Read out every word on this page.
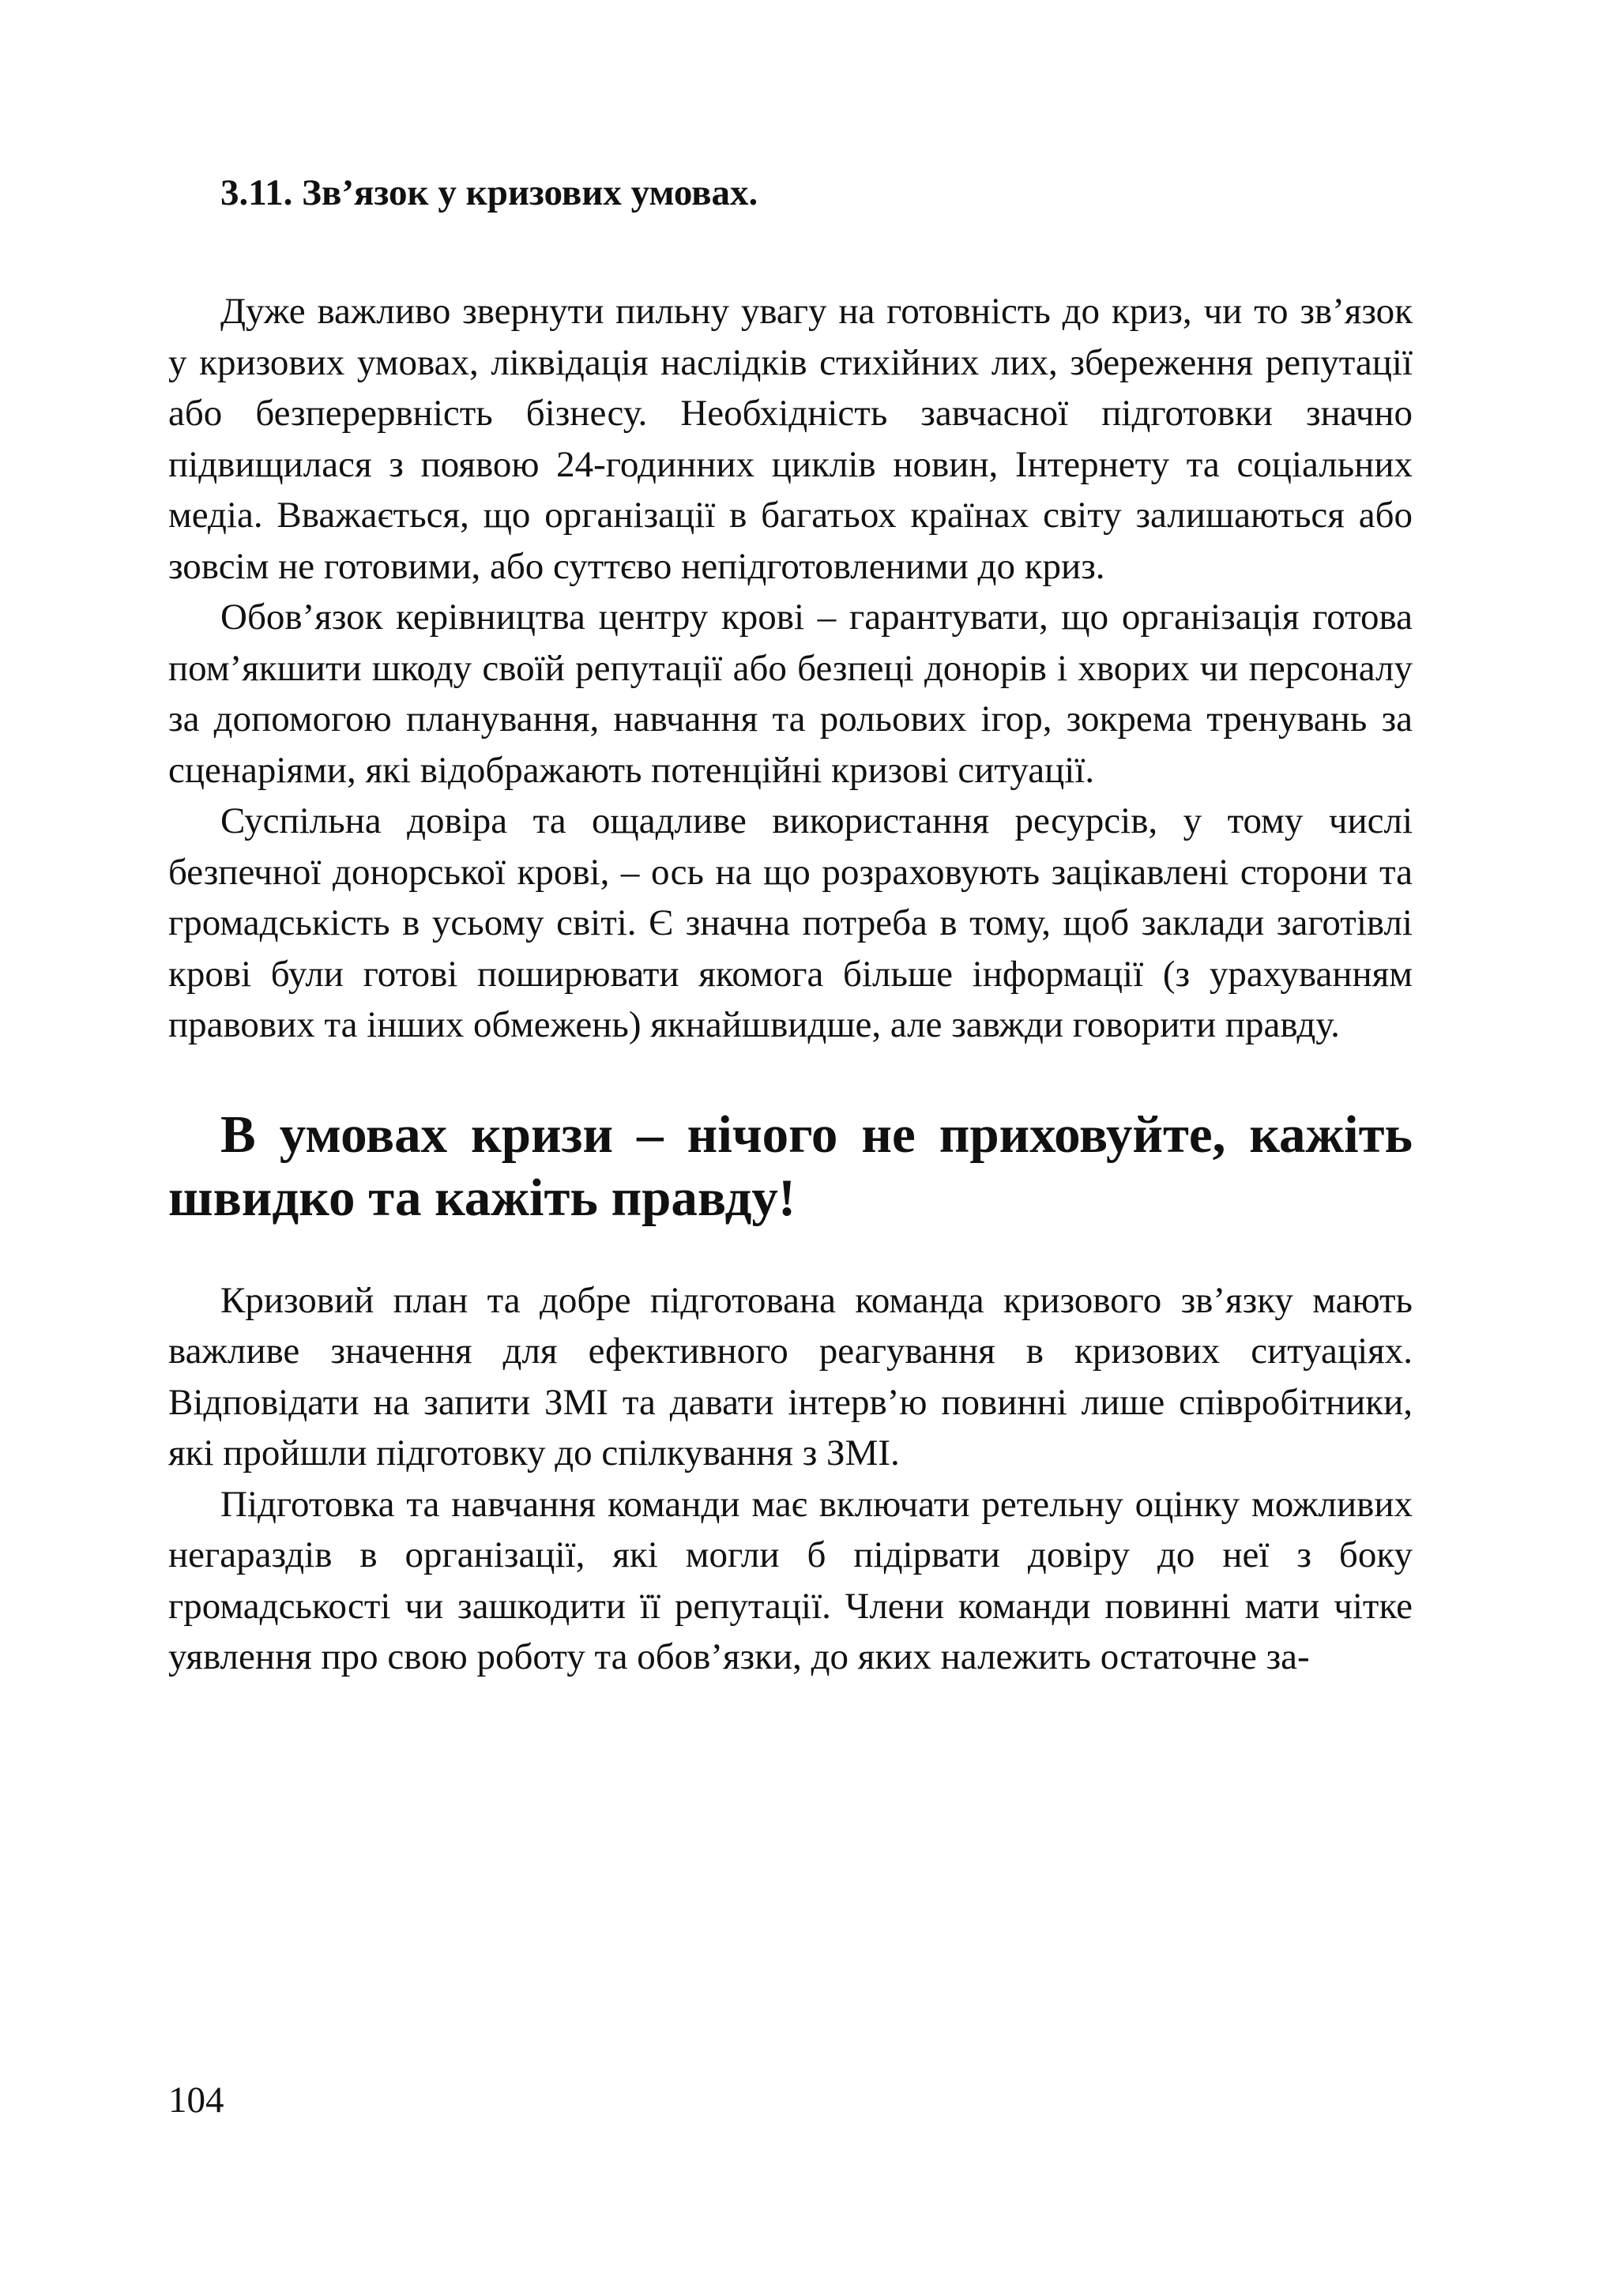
3.11. Зв’язок у кризових умовах.

Дуже важливо звернути пильну увагу на готовність до криз, чи то зв’язок у кризових умовах, ліквідація наслідків стихійних лих, збереження репутації або безперервність бізнесу. Необхідність завчасної підготовки значно підвищилася з появою 24-годинних циклів новин, Інтернету та соціальних медіа. Вважається, що організації в багатьох країнах світу залишаються або зовсім не готовими, або суттєво непідготовленими до криз.

Обов’язок керівництва центру крові – гарантувати, що організація готова пом’якшити шкоду своїй репутації або безпеці донорів і хворих чи персоналу за допомогою планування, навчання та рольових ігор, зокрема тренувань за сценаріями, які відображають потенційні кризові ситуації.

Суспільна довіра та ощадливе використання ресурсів, у тому числі безпечної донорської крові, – ось на що розраховують зацікавлені сторони та громадськість в усьому світі. Є значна потреба в тому, щоб заклади заготівлі крові були готові поширювати якомога більше інформації (з урахуванням правових та інших обмежень) якнайшвидше, але завжди говорити правду.

В умовах кризи – нічого не приховуйте, кажіть швидко та кажіть правду!

Кризовий план та добре підготована команда кризового зв’язку мають важливе значення для ефективного реагування в кризових ситуаціях. Відповідати на запити ЗМІ та давати інтерв’ю повинні лише співробітники, які пройшли підготовку до спілкування з ЗМІ.

Підготовка та навчання команди має включати ретельну оцінку можливих негараздів в організації, які могли б підірвати довіру до неї з боку громадськості чи зашкодити її репутації. Члени команди повинні мати чітке уявлення про свою роботу та обов’язки, до яких належить остаточне за-

104
